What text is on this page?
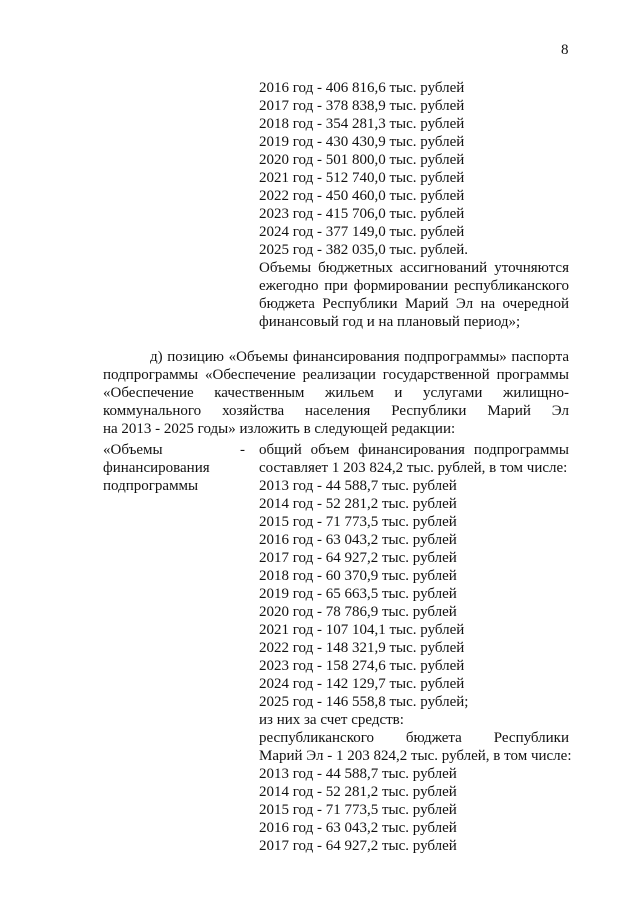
8
2016 год - 406 816,6 тыс. рублей
2017 год - 378 838,9 тыс. рублей
2018 год - 354 281,3 тыс. рублей
2019 год - 430 430,9 тыс. рублей
2020 год - 501 800,0 тыс. рублей
2021 год - 512 740,0 тыс. рублей
2022 год - 450 460,0 тыс. рублей
2023 год - 415 706,0 тыс. рублей
2024 год - 377 149,0 тыс. рублей
2025 год - 382 035,0 тыс. рублей.
Объемы бюджетных ассигнований уточняются
ежегодно при формировании республиканского
бюджета Республики Марий Эл на очередной
финансовый год и на плановый период»;
д) позицию «Объемы финансирования подпрограммы» паспорта
подпрограммы «Обеспечение реализации государственной программы
«Обеспечение качественным жильем и услугами жилищно-
коммунального хозяйства населения Республики Марий Эл
на 2013 - 2025 годы» изложить в следующей редакции:
«Объемы
финансирования
подпрограммы
- общий объем финансирования подпрограммы
составляет 1 203 824,2 тыс. рублей, в том числе:
2013 год - 44 588,7 тыс. рублей
2014 год - 52 281,2 тыс. рублей
2015 год - 71 773,5 тыс. рублей
2016 год - 63 043,2 тыс. рублей
2017 год - 64 927,2 тыс. рублей
2018 год - 60 370,9 тыс. рублей
2019 год - 65 663,5 тыс. рублей
2020 год - 78 786,9 тыс. рублей
2021 год - 107 104,1 тыс. рублей
2022 год - 148 321,9 тыс. рублей
2023 год - 158 274,6 тыс. рублей
2024 год - 142 129,7 тыс. рублей
2025 год - 146 558,8 тыс. рублей;
из них за счет средств:
республиканского бюджета Республики
Марий Эл - 1 203 824,2 тыс. рублей, в том числе:
2013 год - 44 588,7 тыс. рублей
2014 год - 52 281,2 тыс. рублей
2015 год - 71 773,5 тыс. рублей
2016 год - 63 043,2 тыс. рублей
2017 год - 64 927,2 тыс. рублей
